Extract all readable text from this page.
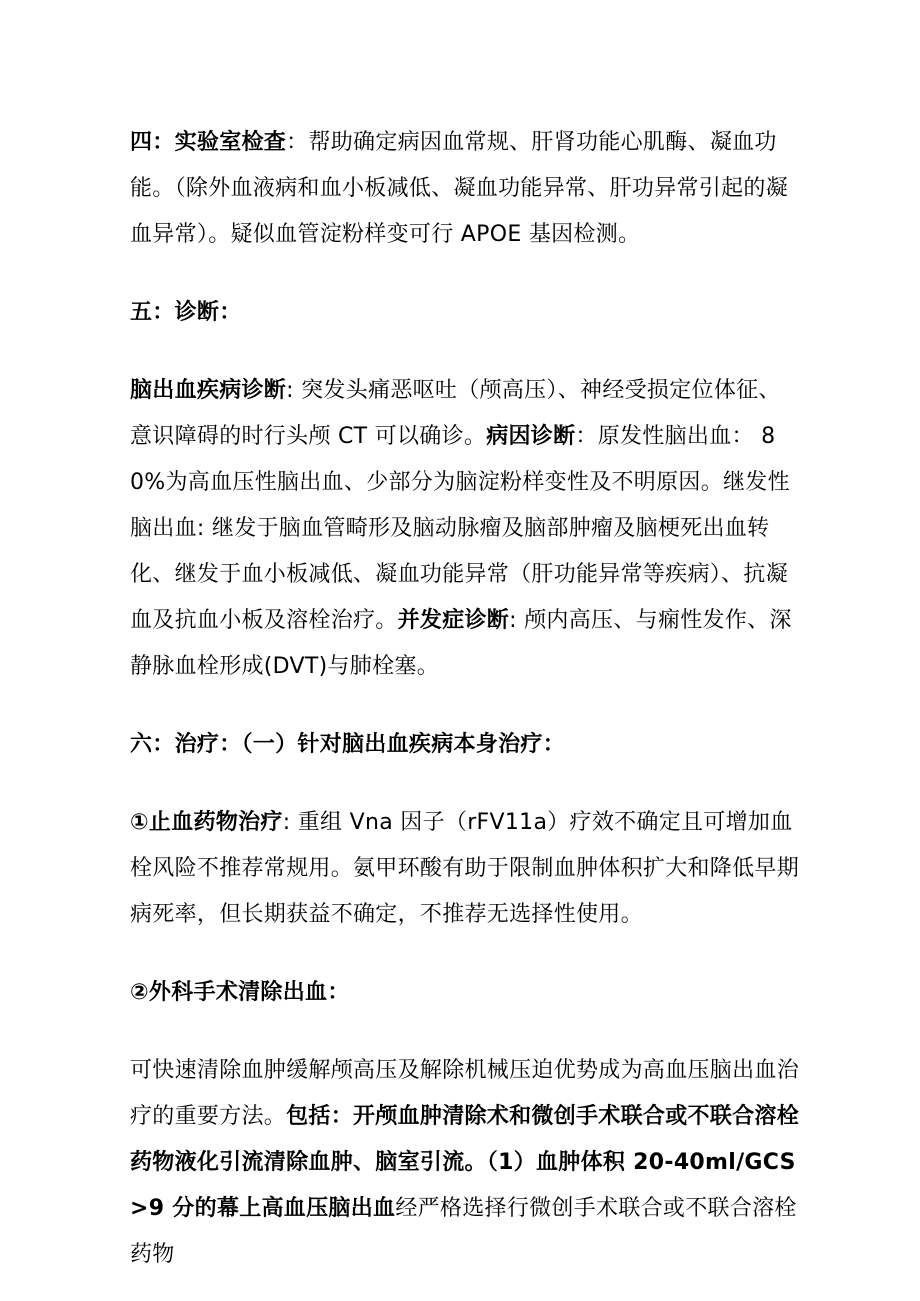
四：实验室检查：帮助确定病因血常规、肝肾功能心肌酶、凝血功能。（除外血液病和血小板减低、凝血功能异常、肝功异常引起的凝血异常）。疑似血管淀粉样变可行 APOE 基因检测。

五：诊断：

脑出血疾病诊断: 突发头痛恶呕吐（颅高压）、神经受损定位体征、意识障碍的时行头颅 CT 可以确诊。病因诊断：原发性脑出血： 80%为高血压性脑出血、少部分为脑淀粉样变性及不明原因。继发性脑出血: 继发于脑血管畸形及脑动脉瘤及脑部肿瘤及脑梗死出血转化、继发于血小板减低、凝血功能异常（肝功能异常等疾病）、抗凝血及抗血小板及溶栓治疗。并发症诊断: 颅内高压、与痫性发作、深静脉血栓形成(DVT)与肺栓塞。

六：治疗：（一）针对脑出血疾病本身治疗：

①止血药物治疗: 重组 Vna 因子（rFV11a）疗效不确定且可增加血栓风险不推荐常规用。氨甲环酸有助于限制血肿体积扩大和降低早期病死率，但长期获益不确定，不推荐无选择性使用。

②外科手术清除出血：

可快速清除血肿缓解颅高压及解除机械压迫优势成为高血压脑出血治疗的重要方法。包括：开颅血肿清除术和微创手术联合或不联合溶栓药物液化引流清除血肿、脑室引流。（1）血肿体积 20-40ml/GCS>9 分的幕上高血压脑出血经严格选择行微创手术联合或不联合溶栓药物
